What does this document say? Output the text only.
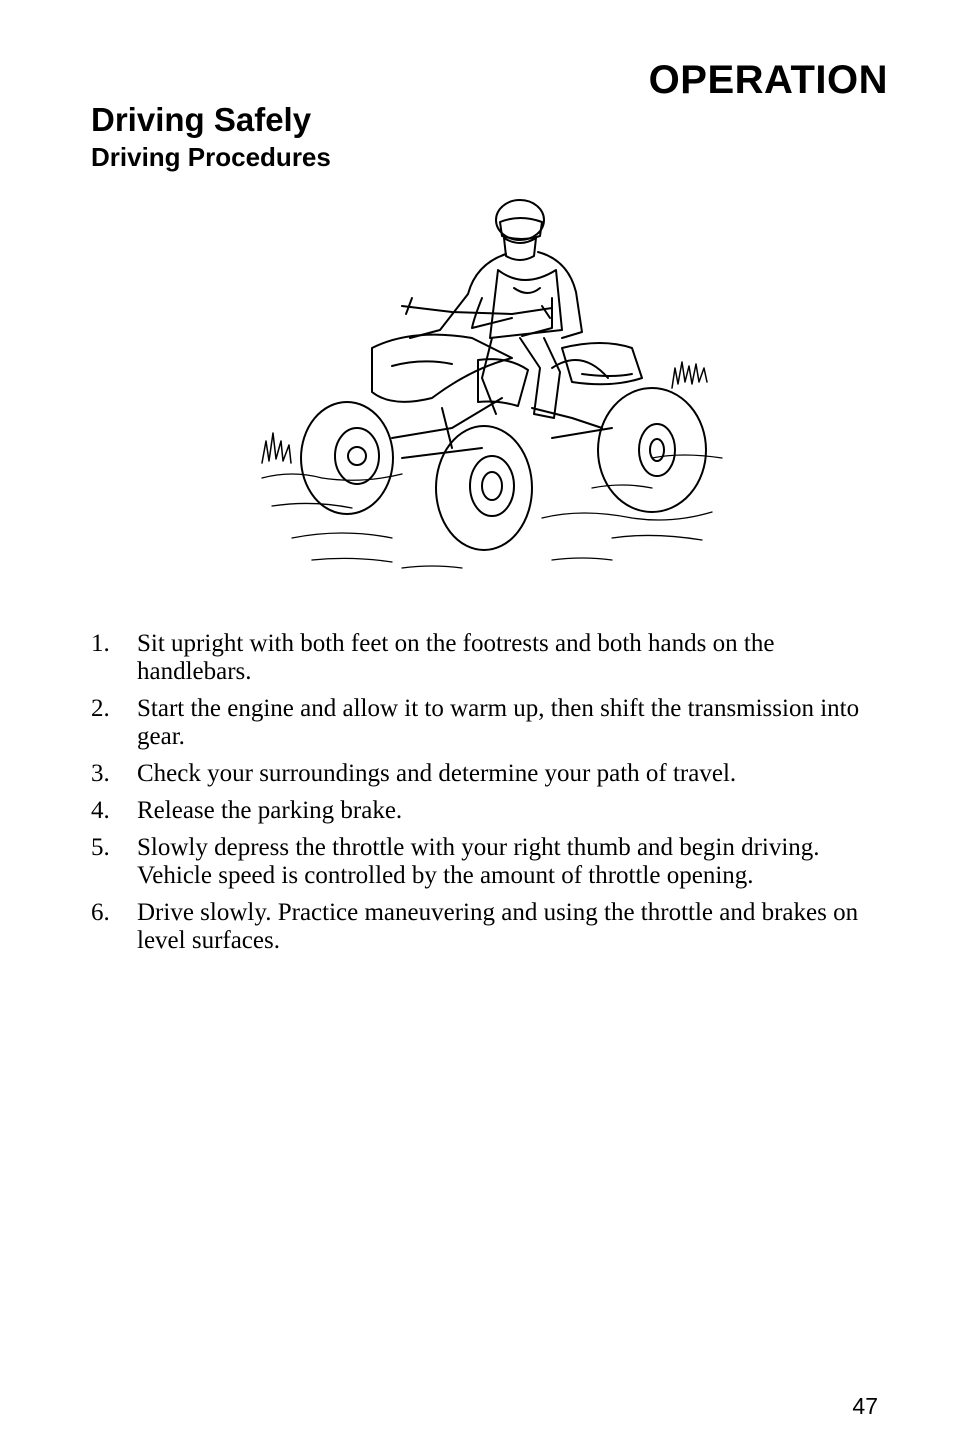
OPERATION
Driving Safely
Driving Procedures
1. Sit upright with both feet on the footrests and both hands on the handlebars.
2. Start the engine and allow it to warm up, then shift the transmission into gear.
3. Check your surroundings and determine your path of travel.
4. Release the parking brake.
5. Slowly depress the throttle with your right thumb and begin driving. Vehicle speed is controlled by the amount of throttle opening.
6. Drive slowly. Practice maneuvering and using the throttle and brakes on level surfaces.
47
